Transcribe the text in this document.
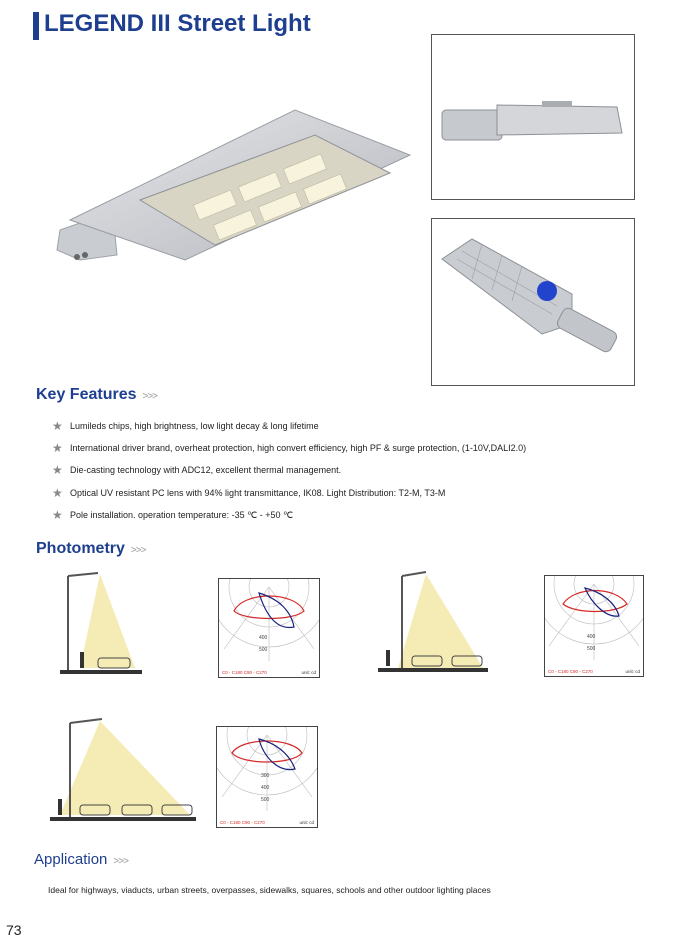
LEGEND III Street Light
Key Features >>>
★ Lumileds chips, high brightness, low light decay & long lifetime
★ International driver brand, overheat protection, high convert efficiency, high PF & surge protection, (1-10V,DALI2.0)
★ Die-casting technology with ADC12, excellent thermal management.
★ Optical UV resistant PC lens with 94% light transmittance, IK08. Light Distribution: T2-M, T3-M
★ Pole installation. operation temperature: -35 ℃ - +50 ℃
Photometry >>>
400
500
C0 - C180 C90 - C270	unit: cd
400
500
C0 - C180 C90 - C270	unit: cd
300
400
500
C0 - C180 C90 - C270	unit: cd
Application >>>
Ideal for highways, viaducts, urban streets, overpasses, sidewalks, squares, schools and other outdoor lighting places
73
